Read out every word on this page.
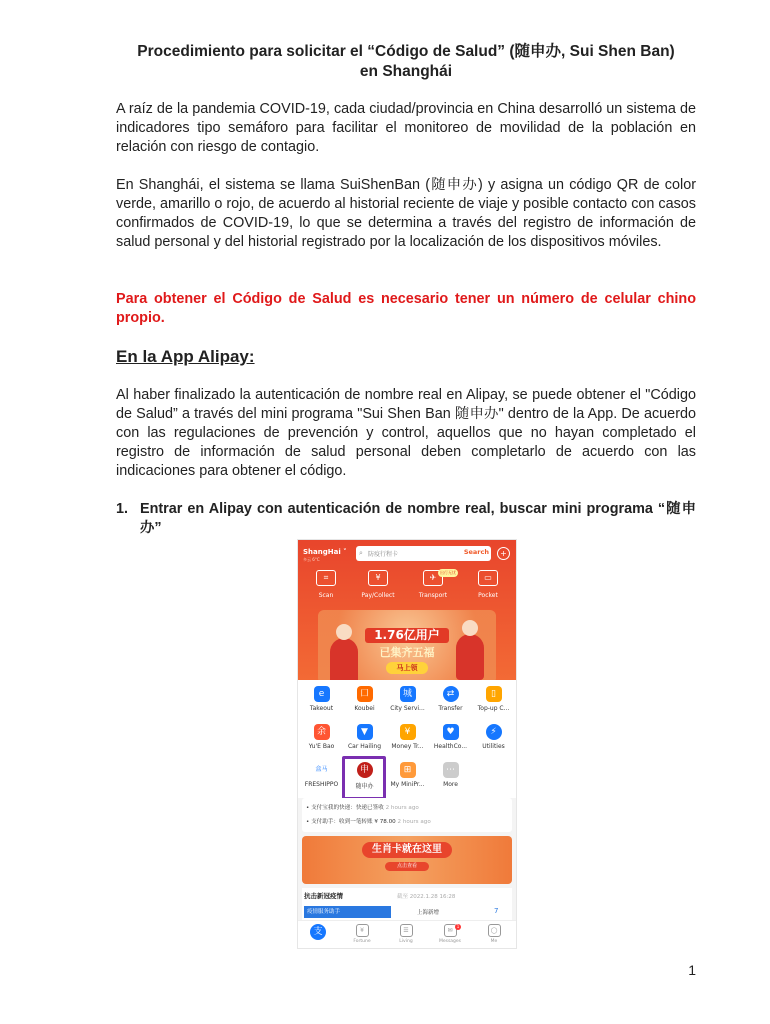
Procedimiento para solicitar el “Código de Salud” (随申办, Sui Shen Ban)
en Shanghái
A raíz de la pandemia COVID-19, cada ciudad/provincia en China desarrolló un sistema de indicadores tipo semáforo para facilitar el monitoreo de movilidad de la población en relación con riesgo de contagio.
En Shanghái, el sistema se llama SuiShenBan (随申办) y asigna un código QR de color verde, amarillo o rojo, de acuerdo al historial reciente de viaje y posible contacto con casos confirmados de COVID-19, lo que se determina a través del registro de información de salud personal y del historial registrado por la localización de los dispositivos móviles.
Para obtener el Código de Salud es necesario tener un número de celular chino propio.
En la App Alipay:
Al haber finalizado la autenticación de nombre real en Alipay, se puede obtener el "Código de Salud” a través del mini programa "Sui Shen Ban 随申办" dentro de la App. De acuerdo con las regulaciones de prevención y control, aquellos que no hayan completado el registro de información de salud personal deben completarlo de acuerdo con las indicaciones para obtener el código.
1. Entrar en Alipay con autenticación de nombre real, buscar mini programa “随申办”
ShangHai ˅
多云 6°C
⌕ 防疫行程卡	Search	+
⌗
Scan
¥
Pay/Collect
✈
Transport
▭
Pocket
出行无忧
1.76亿用户
已集齐五福
马上领
e
Takeout
口
Koubei
城
City Servi...
⇄
Transfer
▯
Top-up C...
余
Yu'E Bao
▼
Car Hailing
¥
Money Tr...
♥
HealthCo...
⚡
Utilities
盒马
FRESHIPPO
申
随申办
⊞
My MiniPr...
⋯
More
• 支付宝我的快递：快递已签收 2 hours ago
• 支付助手：收到一笔转账 ¥ 78.00 2 hours ago
生肖卡就在这里
点击查看
抗击新冠疫情	截至 2022.1.28 16:28
疫情服务助手	上海新增	7
支	¥
Fortune
☰
Living
✉
1
Messages
◯
Me
1
